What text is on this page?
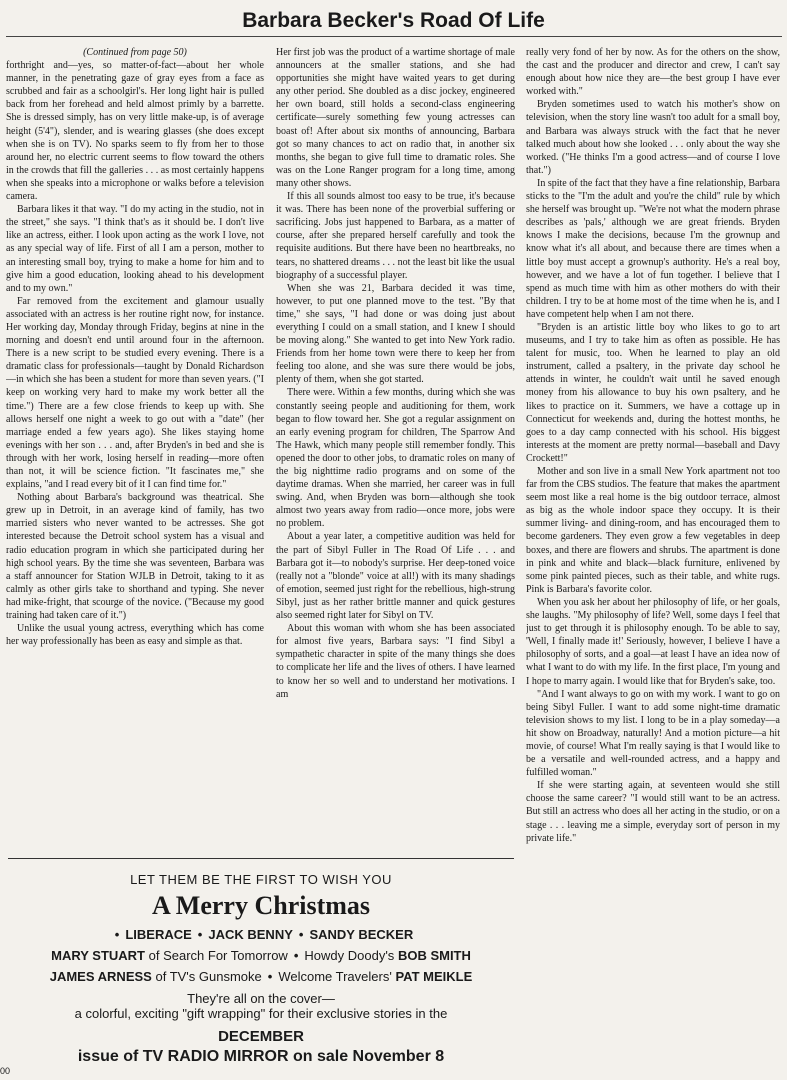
Barbara Becker's Road Of Life
(Continued from page 50)

forthright and—yes, so matter-of-fact—about her whole manner, in the penetrating gaze of gray eyes from a face as scrubbed and fair as a schoolgirl's. Her long light hair is pulled back from her forehead and held almost primly by a barrette. She is dressed simply, has on very little make-up, is of average height (5'4"), slender, and is wearing glasses (she does except when she is on TV). No sparks seem to fly from her to those around her, no electric current seems to flow toward the others in the crowds that fill the galleries . . . as most certainly happens when she speaks into a microphone or walks before a television camera.

Barbara likes it that way. "I do my acting in the studio, not in the street," she says. "I think that's as it should be. I don't live like an actress, either. I look upon acting as the work I love, not as any special way of life. First of all I am a person, mother to an interesting small boy, trying to make a home for him and to give him a good education, looking ahead to his development and to my own."

Far removed from the excitement and glamour usually associated with an actress is her routine right now, for instance. Her working day, Monday through Friday, begins at nine in the morning and doesn't end until around four in the afternoon. There is a new script to be studied every evening. There is a dramatic class for professionals—taught by Donald Richardson—in which she has been a student for more than seven years. ("I keep on working very hard to make my work better all the time.") There are a few close friends to keep up with. She allows herself one night a week to go out with a "date" (her marriage ended a few years ago). She likes staying home evenings with her son . . . and, after Bryden's in bed and she is through with her work, losing herself in reading—more often than not, it will be science fiction. "It fascinates me," she explains, "and I read every bit of it I can find time for."

Nothing about Barbara's background was theatrical. She grew up in Detroit, in an average kind of family, has two married sisters who never wanted to be actresses. She got interested because the Detroit school system has a visual and radio education program in which she participated during her high school years. By the time she was seventeen, Barbara was a staff announcer for Station WJLB in Detroit, taking to it as calmly as other girls take to shorthand and typing. She never had mike-fright, that scourge of the novice. ("Because my good training had taken care of it.")

Unlike the usual young actress, everything which has come her way professionally has been as easy and simple as that.

Her first job was the product of a wartime shortage of male announcers at the smaller stations, and she had opportunities she might have waited years to get during any other period. She doubled as a disc jockey, engineered her own board, still holds a second-class engineering certificate—surely something few young actresses can boast of! After about six months of announcing, Barbara got so many chances to act on radio that, in another six months, she began to give full time to dramatic roles. She was on the Lone Ranger program for a long time, among many other shows.

If this all sounds almost too easy to be true, it's because it was. There has been none of the proverbial suffering or sacrificing. Jobs just happened to Barbara, as a matter of course, after she prepared herself carefully and took the requisite auditions. But there have been no heartbreaks, no tears, no shattered dreams . . . not the least bit like the usual biography of a successful player.

When she was 21, Barbara decided it was time, however, to put one planned move to the test. "By that time," she says, "I had done or was doing just about everything I could on a small station, and I knew I should be moving along." She wanted to get into New York radio. Friends from her home town were there to keep her from feeling too alone, and she was sure there would be jobs, plenty of them, when she got started.

There were. Within a few months, during which she was constantly seeing people and auditioning for them, work began to flow toward her. She got a regular assignment on an early evening program for children, The Sparrow And The Hawk, which many people still remember fondly. This opened the door to other jobs, to dramatic roles on many of the big nighttime radio programs and on some of the daytime dramas. When she married, her career was in full swing. And, when Bryden was born—although she took almost two years away from radio—once more, jobs were no problem.

About a year later, a competitive audition was held for the part of Sibyl Fuller in The Road Of Life . . . and Barbara got it—to nobody's surprise. Her deep-toned voice (really not a "blonde" voice at all!) with its many shadings of emotion, seemed just right for the rebellious, high-strung Sibyl, just as her rather brittle manner and quick gestures also seemed right later for Sibyl on TV.

About this woman with whom she has been associated for almost five years, Barbara says: "I find Sibyl a sympathetic character in spite of the many things she does to complicate her life and the lives of others. I have learned to know her so well and to understand her motivations. I am

really very fond of her by now. As for the others on the show, the cast and the producer and director and crew, I can't say enough about how nice they are—the best group I have ever worked with."

Bryden sometimes used to watch his mother's show on television, when the story line wasn't too adult for a small boy, and Barbara was always struck with the fact that he never talked much about how she looked . . . only about the way she worked. ("He thinks I'm a good actress—and of course I love that.")

In spite of the fact that they have a fine relationship, Barbara sticks to the "I'm the adult and you're the child" rule by which she herself was brought up. "We're not what the modern phrase describes as 'pals,' although we are great friends. Bryden knows I make the decisions, because I'm the grownup and know what it's all about, and because there are times when a little boy must accept a grownup's authority. He's a real boy, however, and we have a lot of fun together. I believe that I spend as much time with him as other mothers do with their children. I try to be at home most of the time when he is, and I have competent help when I am not there.

"Bryden is an artistic little boy who likes to go to art museums, and I try to take him as often as possible. He has talent for music, too. When he learned to play an old instrument, called a psaltery, in the private day school he attends in winter, he couldn't wait until he saved enough money from his allowance to buy his own psaltery, and he likes to practice on it. Summers, we have a cottage up in Connecticut for weekends and, during the hottest months, he goes to a day camp connected with his school. His biggest interests at the moment are pretty normal—baseball and Davy Crockett!"

Mother and son live in a small New York apartment not too far from the CBS studios. The feature that makes the apartment seem most like a real home is the big outdoor terrace, almost as big as the whole indoor space they occupy. It is their summer living- and dining-room, and has encouraged them to become gardeners. They even grow a few vegetables in deep boxes, and there are flowers and shrubs. The apartment is done in pink and white and black—black furniture, enlivened by some pink painted pieces, such as their table, and white rugs. Pink is Barbara's favorite color.

When you ask her about her philosophy of life, or her goals, she laughs. "My philosophy of life? Well, some days I feel that just to get through it is philosophy enough. To be able to say, 'Well, I finally made it!' Seriously, however, I believe I have a philosophy of sorts, and a goal—at least I have an idea now of what I want to do with my life. In the first place, I'm young and I hope to marry again. I would like that for Bryden's sake, too.

"And I want always to go on with my work. I want to go on being Sibyl Fuller. I want to add some night-time dramatic television shows to my list. I long to be in a play someday—a hit show on Broadway, naturally! And a motion picture—a hit movie, of course! What I'm really saying is that I would like to be a versatile and well-rounded actress, and a happy and fulfilled woman."

If she were starting again, at seventeen would she still choose the same career? "I would still want to be an actress. But still an actress who does all her acting in the studio, or on a stage . . . leaving me a simple, everyday sort of person in my private life."

LET THEM BE THE FIRST TO WISH YOU
A Merry Christmas
• LIBERACE • JACK BENNY • SANDY BECKER
MARY STUART of Search For Tomorrow • Howdy Doody's BOB SMITH
JAMES ARNESS of TV's Gunsmoke • Welcome Travelers' PAT MEIKLE
They're all on the cover—
a colorful, exciting "gift wrapping" for their exclusive stories in the
DECEMBER
issue of TV RADIO MIRROR on sale November 8
00
